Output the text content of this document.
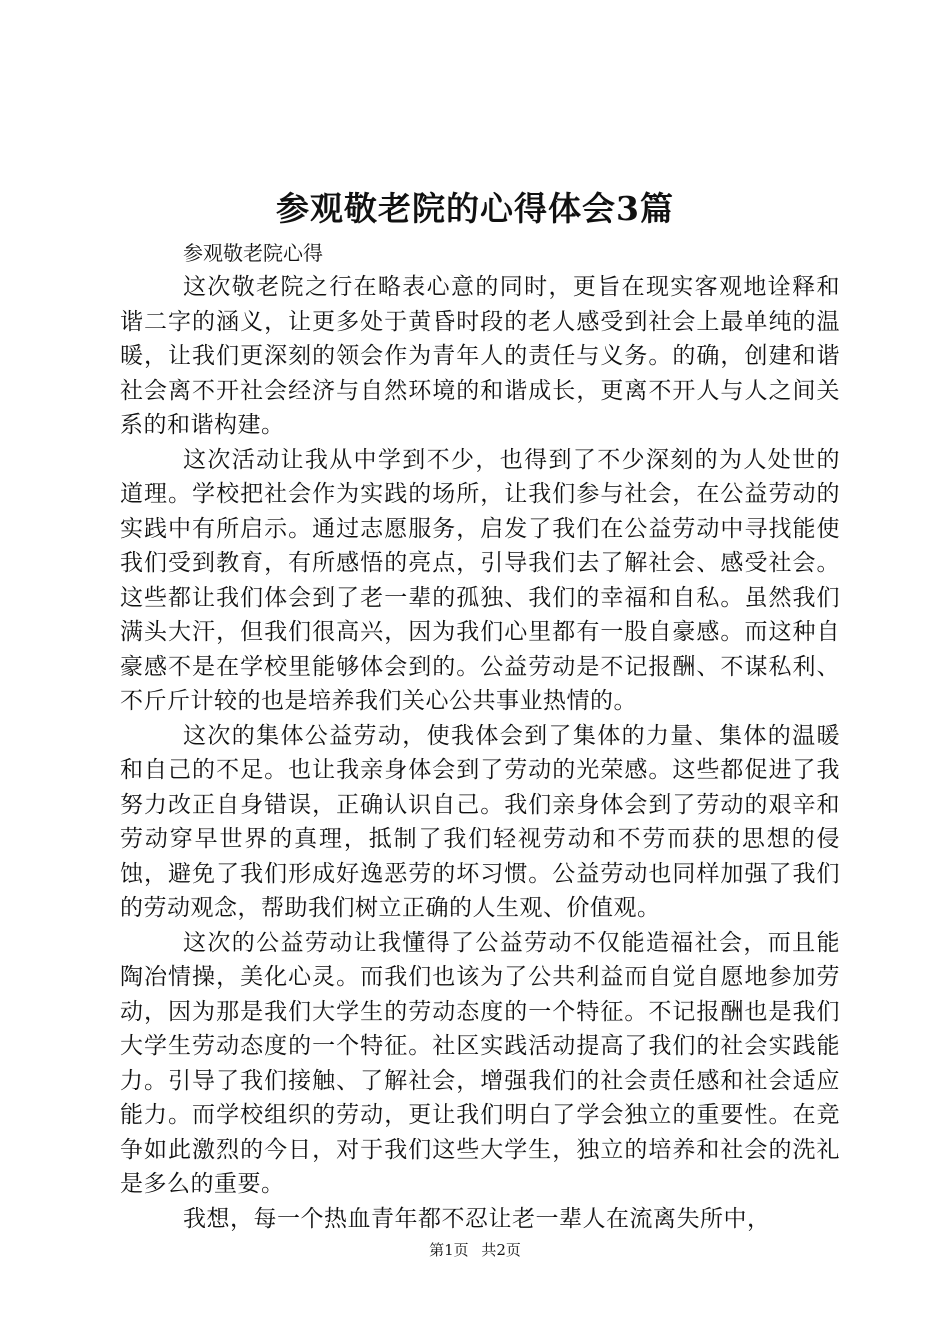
参观敬老院的心得体会3篇

参观敬老院心得

这次敬老院之行在略表心意的同时，更旨在现实客观地诠释和谐二字的涵义，让更多处于黄昏时段的老人感受到社会上最单纯的温暖，让我们更深刻的领会作为青年人的责任与义务。的确，创建和谐社会离不开社会经济与自然环境的和谐成长，更离不开人与人之间关系的和谐构建。

这次活动让我从中学到不少，也得到了不少深刻的为人处世的道理。学校把社会作为实践的场所，让我们参与社会，在公益劳动的实践中有所启示。通过志愿服务，启发了我们在公益劳动中寻找能使我们受到教育，有所感悟的亮点，引导我们去了解社会、感受社会。这些都让我们体会到了老一辈的孤独、我们的幸福和自私。虽然我们满头大汗，但我们很高兴，因为我们心里都有一股自豪感。而这种自豪感不是在学校里能够体会到的。公益劳动是不记报酬、不谋私利、不斤斤计较的也是培养我们关心公共事业热情的。

这次的集体公益劳动，使我体会到了集体的力量、集体的温暖和自己的不足。也让我亲身体会到了劳动的光荣感。这些都促进了我努力改正自身错误，正确认识自己。我们亲身体会到了劳动的艰辛和劳动穿早世界的真理，抵制了我们轻视劳动和不劳而获的思想的侵蚀，避免了我们形成好逸恶劳的坏习惯。公益劳动也同样加强了我们的劳动观念，帮助我们树立正确的人生观、价值观。

这次的公益劳动让我懂得了公益劳动不仅能造福社会，而且能陶冶情操，美化心灵。而我们也该为了公共利益而自觉自愿地参加劳动，因为那是我们大学生的劳动态度的一个特征。不记报酬也是我们大学生劳动态度的一个特征。社区实践活动提高了我们的社会实践能力。引导了我们接触、了解社会，增强我们的社会责任感和社会适应能力。而学校组织的劳动，更让我们明白了学会独立的重要性。在竞争如此激烈的今日，对于我们这些大学生，独立的培养和社会的洗礼是多么的重要。

我想，每一个热血青年都不忍让老一辈人在流离失所中，

第1页 共2页
